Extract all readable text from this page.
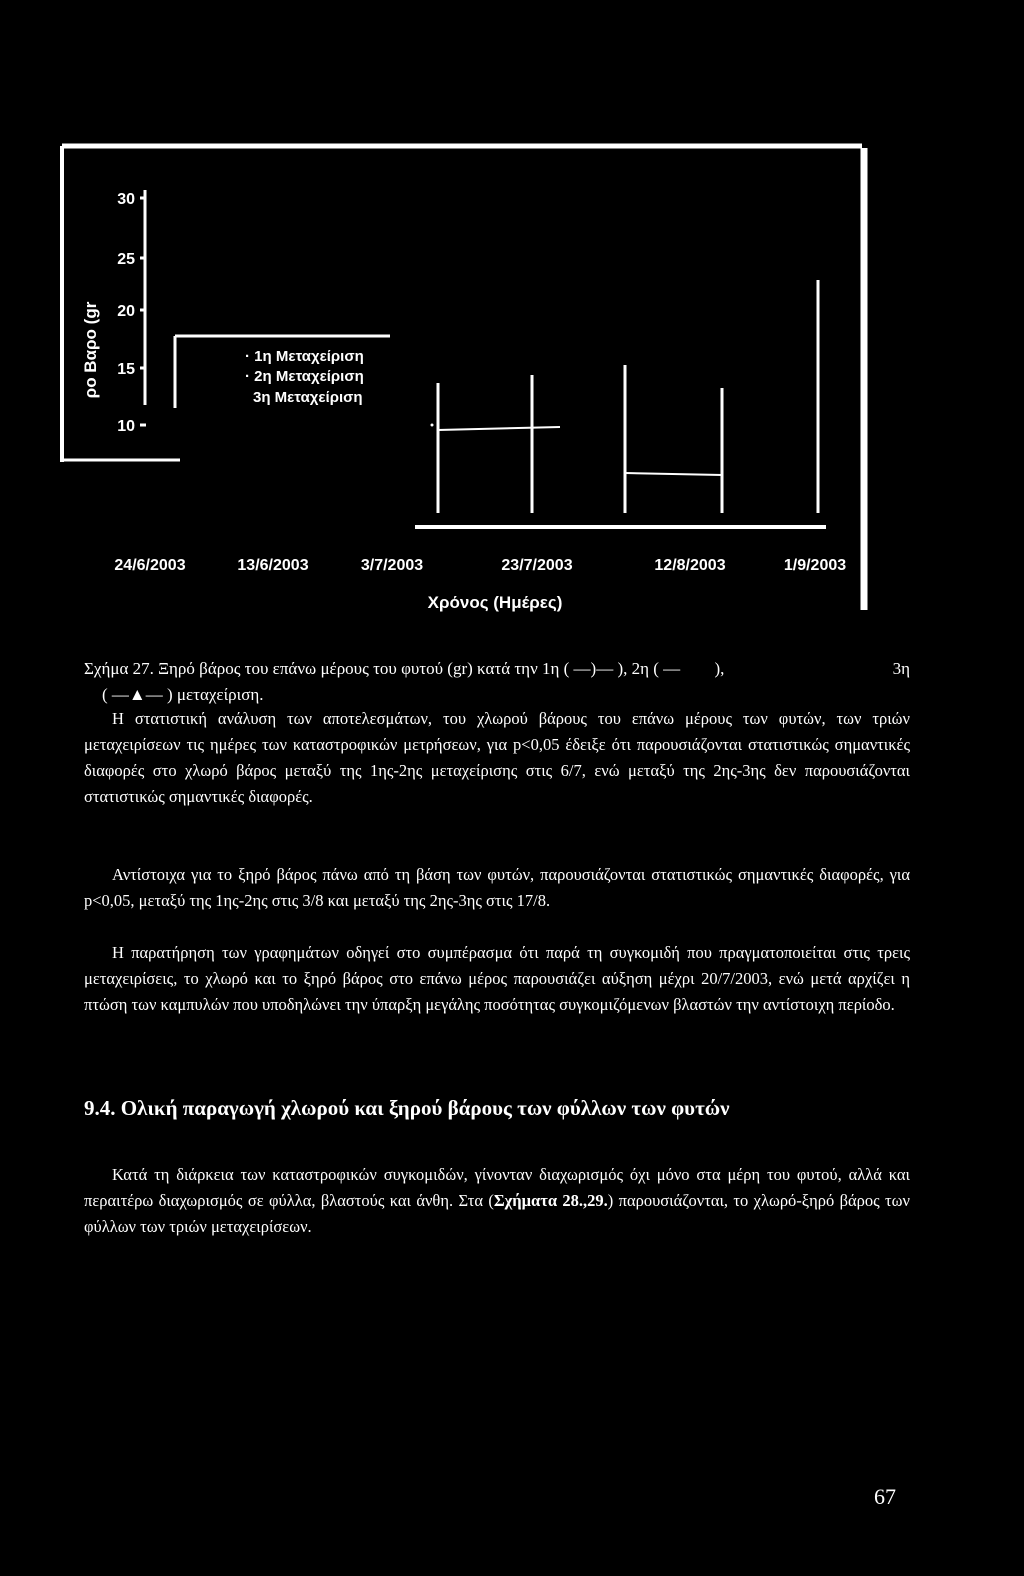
30
25
20
15
10
ρο Βαρο (gr	· 1η Μεταχείριση
· 2η Μεταχείριση
3η Μεταχείριση
24/6/2003	13/6/2003	3/7/2003	23/7/2003	12/8/2003	1/9/2003
Χρόνος (Ημέρες)
Σχήμα 27. Ξηρό βάρος του επάνω μέρους του φυτού (gr) κατά την 1η ( —)— ), 2η ( — ),	3η
( —▲— ) μεταχείριση.
Η στατιστική ανάλυση των αποτελεσμάτων, του χλωρού βάρους του επάνω μέρους των φυτών, των τριών μεταχειρίσεων τις ημέρες των καταστροφικών μετρήσεων, για p<0,05 έδειξε ότι παρουσιάζονται στατιστικώς σημαντικές διαφορές στο χλωρό βάρος μεταξύ της 1ης-2ης μεταχείρισης στις 6/7, ενώ μεταξύ της 2ης-3ης δεν παρουσιάζονται στατιστικώς σημαντικές διαφορές.
Αντίστοιχα για το ξηρό βάρος πάνω από τη βάση των φυτών, παρουσιάζονται στατιστικώς σημαντικές διαφορές, για p<0,05, μεταξύ της 1ης-2ης στις 3/8 και μεταξύ της 2ης-3ης στις 17/8.
Η παρατήρηση των γραφημάτων οδηγεί στο συμπέρασμα ότι παρά τη συγκομιδή που πραγματοποιείται στις τρεις μεταχειρίσεις, το χλωρό και το ξηρό βάρος στο επάνω μέρος παρουσιάζει αύξηση μέχρι 20/7/2003, ενώ μετά αρχίζει η πτώση των καμπυλών που υποδηλώνει την ύπαρξη μεγάλης ποσότητας συγκομιζόμενων βλαστών την αντίστοιχη περίοδο.
9.4. Ολική παραγωγή χλωρού και ξηρού βάρους των φύλλων των φυτών
Κατά τη διάρκεια των καταστροφικών συγκομιδών, γίνονταν διαχωρισμός όχι μόνο στα μέρη του φυτού, αλλά και περαιτέρω διαχωρισμός σε φύλλα, βλαστούς και άνθη. Στα (Σχήματα 28.,29.) παρουσιάζονται, το χλωρό-ξηρό βάρος των φύλλων των τριών μεταχειρίσεων.
67
